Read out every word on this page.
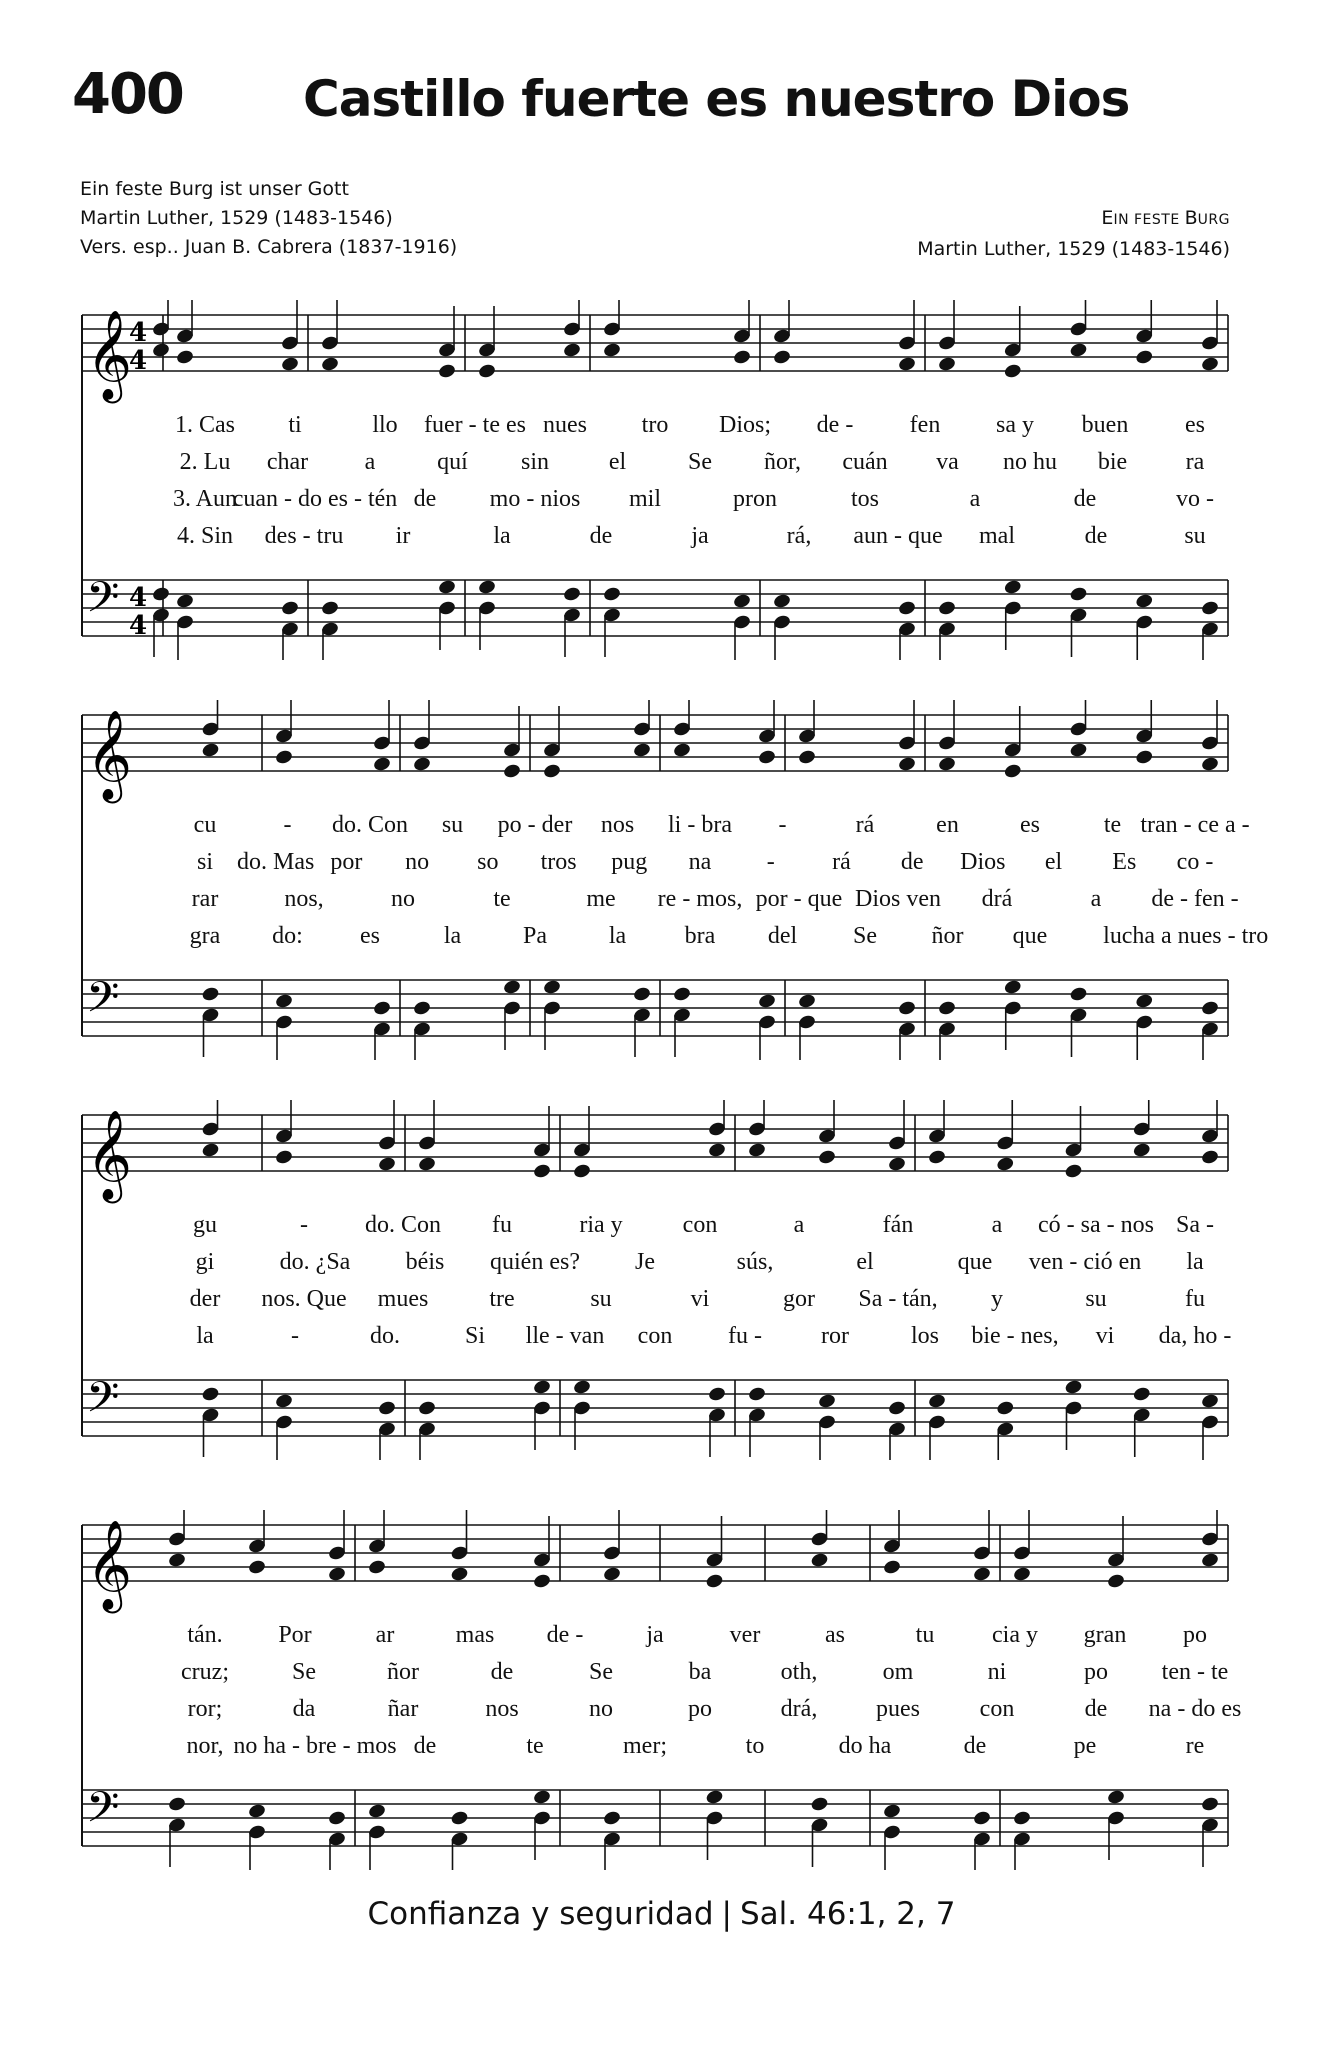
400 Castillo fuerte es nuestro Dios
Ein feste Burg ist unser Gott
Martin Luther, 1529 (1483-1546)
Vers. esp.. Juan B. Cabrera (1837-1916)
EIN FESTE BURG
Martin Luther, 1529 (1483-1546)
𝄞
𝄢
4
4
4
4
1. Cas ti	llo fuer - te es nues tro Dios; de - fen sa y buen es
2. Lu char a	quí sin el	Se ñor, cuán va no hu bie ra
3. Aun
cuan - do es - tén de mo - nios mil	pron	tos	a	de	vo -
4. Sin des - tru ir	la	de	ja	rá, aun - que mal	de	su
𝄞
𝄢
cu	- do. Con su po - der nos li - bra -	rá	en	es	te tran - ce a -
si do. Mas por no so tros pug na - rá de Dios el Es co -
rar	nos,	no	te	me re - mos, por - que Dios ven drá	a de - fen -
gra do: es	la	Pa	la bra del Se ñor que lu cha a nues - tro
𝄞
𝄢
gu	- do. Con fu	ria y	con	a	fán	a có - sa - nos Sa -
gi	do. ¿Sa béis quién es? Je	sús,	el	que ven - ció en la
der nos. Que mues	tre	su	vi	gor Sa - tán, y	su	fu
la	-	do.	Si lle - van con fu - ror	los bie - nes, vi da, ho -
𝄞
𝄢
tán. Por	ar	mas de -	ja	ver	as	tu cia y gran po
cruz;	Se	ñor	de	Se	ba	oth,	om	ni	po ten - te
ror;	da	ñar	nos	no	po	drá, pues con	de na - do es
nor, no ha - bre - mos de	te	mer;	to	do ha	de	pe	re
Confianza y seguridad | Sal. 46:1, 2, 7
